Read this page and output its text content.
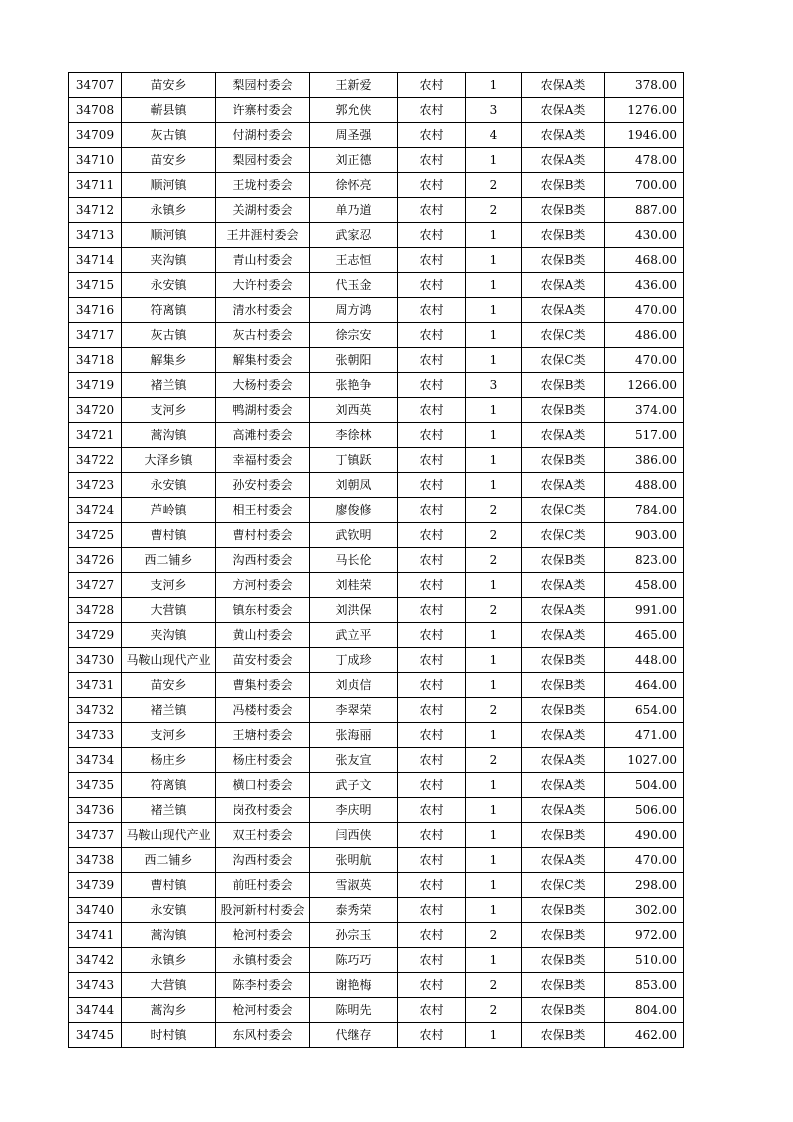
34707	苗安乡	梨园村委会	王新爱	农村	1	农保A类	378.00
34708	蕲县镇	许寨村委会	郭允侠	农村	3	农保A类	1276.00
34709	灰古镇	付湖村委会	周圣强	农村	4	农保A类	1946.00
34710	苗安乡	梨园村委会	刘正德	农村	1	农保A类	478.00
34711	顺河镇	王垅村委会	徐怀亮	农村	2	农保B类	700.00
34712	永镇乡	关湖村委会	单乃道	农村	2	农保B类	887.00
34713	顺河镇	王井涯村委会	武家忍	农村	1	农保B类	430.00
34714	夹沟镇	青山村委会	王志恒	农村	1	农保B类	468.00
34715	永安镇	大许村委会	代玉金	农村	1	农保A类	436.00
34716	符离镇	清水村委会	周方鸿	农村	1	农保A类	470.00
34717	灰古镇	灰古村委会	徐宗安	农村	1	农保C类	486.00
34718	解集乡	解集村委会	张朝阳	农村	1	农保C类	470.00
34719	褚兰镇	大杨村委会	张艳争	农村	3	农保B类	1266.00
34720	支河乡	鸭湖村委会	刘西英	农村	1	农保B类	374.00
34721	蒿沟镇	高滩村委会	李徐林	农村	1	农保A类	517.00
34722	大泽乡镇	幸福村委会	丁镇跃	农村	1	农保B类	386.00
34723	永安镇	孙安村委会	刘朝凤	农村	1	农保A类	488.00
34724	芦岭镇	相王村委会	廖俊修	农村	2	农保C类	784.00
34725	曹村镇	曹村村委会	武钦明	农村	2	农保C类	903.00
34726	西二铺乡	沟西村委会	马长伦	农村	2	农保B类	823.00
34727	支河乡	方河村委会	刘桂荣	农村	1	农保A类	458.00
34728	大营镇	镇东村委会	刘洪保	农村	2	农保A类	991.00
34729	夹沟镇	黄山村委会	武立平	农村	1	农保A类	465.00
34730	马鞍山现代产业	苗安村委会	丁成珍	农村	1	农保B类	448.00
34731	苗安乡	曹集村委会	刘贞信	农村	1	农保B类	464.00
34732	褚兰镇	冯楼村委会	李翠荣	农村	2	农保B类	654.00
34733	支河乡	王塘村委会	张海丽	农村	1	农保A类	471.00
34734	杨庄乡	杨庄村委会	张友宣	农村	2	农保A类	1027.00
34735	符离镇	横口村委会	武子文	农村	1	农保A类	504.00
34736	褚兰镇	岗孜村委会	李庆明	农村	1	农保A类	506.00
34737	马鞍山现代产业	双王村委会	闫西侠	农村	1	农保B类	490.00
34738	西二铺乡	沟西村委会	张明航	农村	1	农保A类	470.00
34739	曹村镇	前旺村委会	雪淑英	农村	1	农保C类	298.00
34740	永安镇	股河新村村委会	泰秀荣	农村	1	农保B类	302.00
34741	蒿沟镇	枪河村委会	孙宗玉	农村	2	农保B类	972.00
34742	永镇乡	永镇村委会	陈巧巧	农村	1	农保B类	510.00
34743	大营镇	陈李村委会	谢艳梅	农村	2	农保B类	853.00
34744	蒿沟乡	枪河村委会	陈明先	农村	2	农保B类	804.00
34745	时村镇	东风村委会	代继存	农村	1	农保B类	462.00
